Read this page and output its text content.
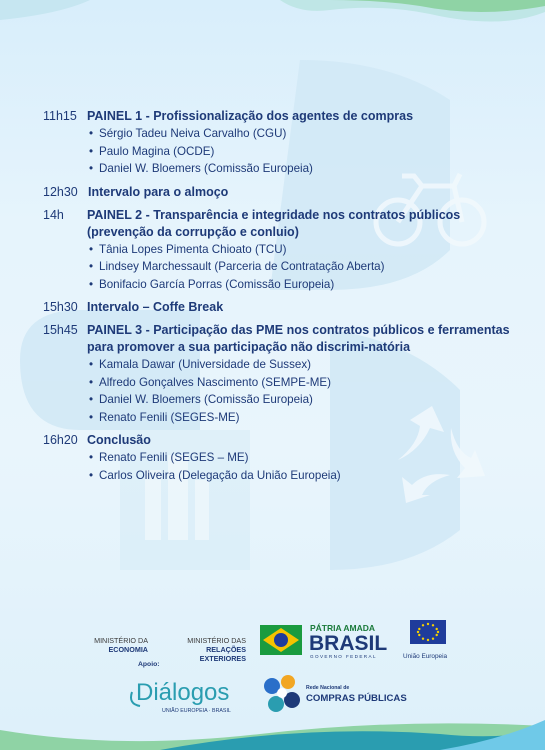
11h15 PAINEL 1 - Profissionalização dos agentes de compras
• Sérgio Tadeu Neiva Carvalho (CGU)
• Paulo Magina (OCDE)
• Daniel W. Bloemers (Comissão Europeia)
12h30 Intervalo para o almoço
14h PAINEL 2 - Transparência e integridade nos contratos públicos (prevenção da corrupção e conluio)
• Tânia Lopes Pimenta Chioato (TCU)
• Lindsey Marchessault (Parceria de Contratação Aberta)
• Bonifacio García Porras (Comissão Europeia)
15h30 Intervalo – Coffe Break
15h45 PAINEL 3 - Participação das PME nos contratos públicos e ferramentas para promover a sua participação não discrimi-natória
• Kamala Dawar (Universidade de Sussex)
• Alfredo Gonçalves Nascimento (SEMPE-ME)
• Daniel W. Bloemers (Comissão Europeia)
• Renato Fenili (SEGES-ME)
16h20 Conclusão
• Renato Fenili (SEGES – ME)
• Carlos Oliveira (Delegação da União Europeia)
MINISTÉRIO DA
ECONOMIA
MINISTÉRIO DAS
RELAÇÕES EXTERIORES
PÁTRIA AMADA
BRASIL
GOVERNO FEDERAL	União Europeia
Apoio:
Diálogos
UNIÃO EUROPEIA · BRASIL
Rede Nacional de
COMPRAS PÚBLICAS
